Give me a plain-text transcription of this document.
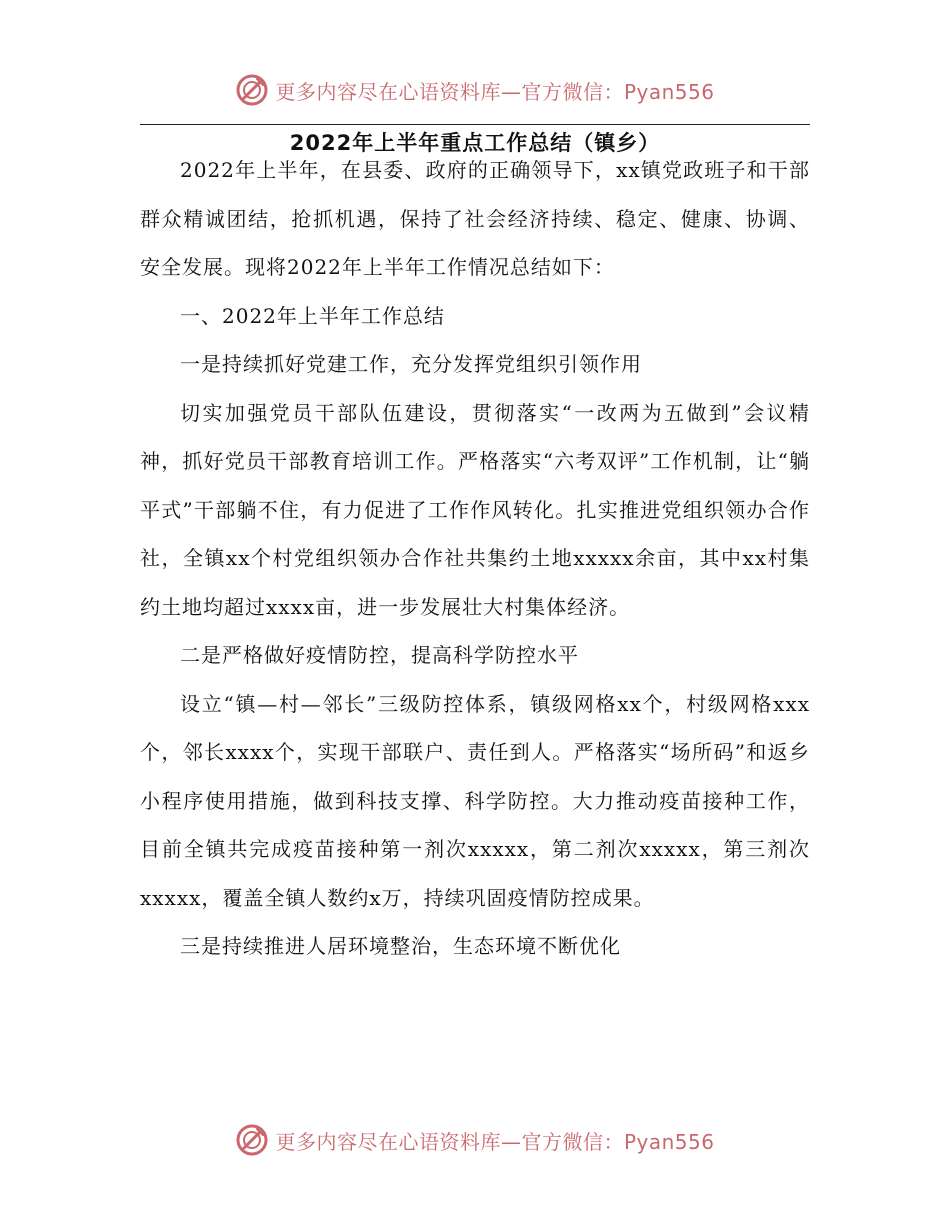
更多内容尽在心语资料库—官方微信：Pyan556
2022年上半年重点工作总结（镇乡）

2022年上半年，在县委、政府的正确领导下，xx镇党政班子和干部群众精诚团结，抢抓机遇，保持了社会经济持续、稳定、健康、协调、安全发展。现将2022年上半年工作情况总结如下：

一、2022年上半年工作总结

一是持续抓好党建工作，充分发挥党组织引领作用

切实加强党员干部队伍建设，贯彻落实“一改两为五做到”会议精神，抓好党员干部教育培训工作。严格落实“六考双评”工作机制，让“躺平式”干部躺不住，有力促进了工作作风转化。扎实推进党组织领办合作社，全镇xx个村党组织领办合作社共集约土地xxxxx余亩，其中xx村集约土地均超过xxxx亩，进一步发展壮大村集体经济。

二是严格做好疫情防控，提高科学防控水平

设立“镇—村—邻长”三级防控体系，镇级网格xx个，村级网格xxx个，邻长xxxx个，实现干部联户、责任到人。严格落实“场所码”和返乡小程序使用措施，做到科技支撑、科学防控。大力推动疫苗接种工作，目前全镇共完成疫苗接种第一剂次xxxxx，第二剂次xxxxx，第三剂次xxxxx，覆盖全镇人数约x万，持续巩固疫情防控成果。

三是持续推进人居环境整治，生态环境不断优化

更多内容尽在心语资料库—官方微信：Pyan556
